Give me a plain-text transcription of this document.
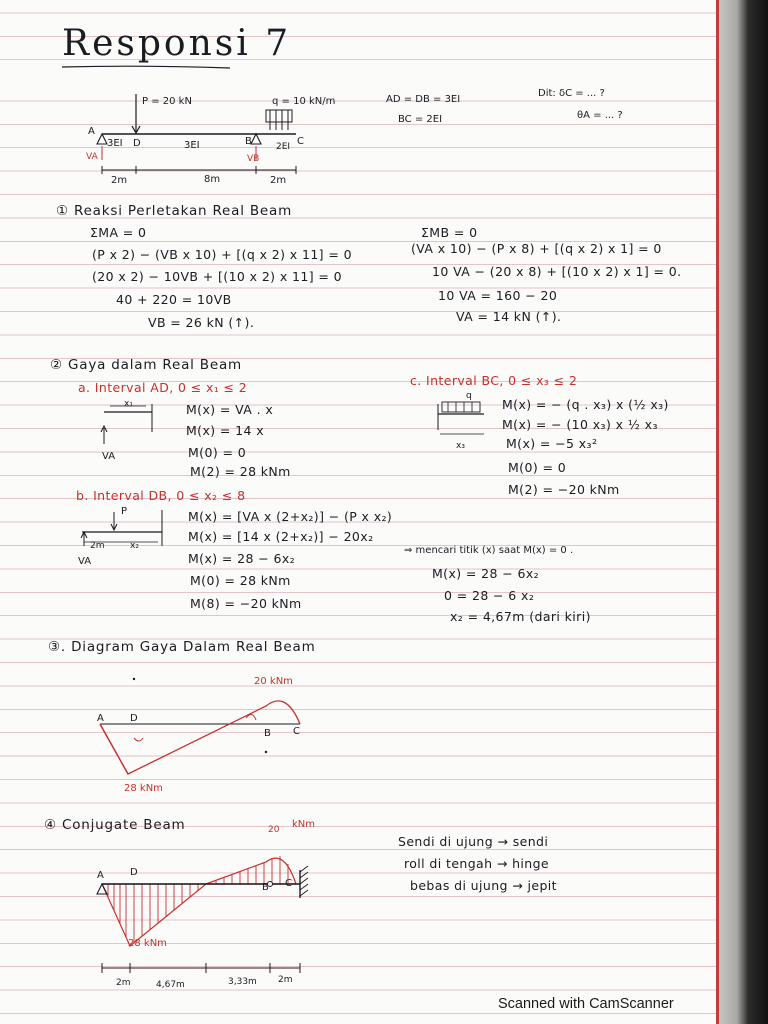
Responsi 7
P = 20 kN	q = 10 kN/m
A
3EI D	3EI	B	2EI C
VA	VB
2m	8m	2m
AD = DB = 3EI
BC = 2EI
Dit: δC = ... ?
θA = ... ?
① Reaksi Perletakan Real Beam
ΣMA = 0
(P x 2) − (VB x 10) + [(q x 2) x 11] = 0
(20 x 2) − 10VB + [(10 x 2) x 11] = 0
40 + 220 = 10VB
VB = 26 kN (↑).
ΣMB = 0
(VA x 10) − (P x 8) + [(q x 2) x 1] = 0
10 VA − (20 x 8) + [(10 x 2) x 1] = 0.
10 VA = 160 − 20
VA = 14 kN (↑).
② Gaya dalam Real Beam
a. Interval AD, 0 ≤ x₁ ≤ 2
x₁
VA
M(x) = VA . x
M(x) = 14 x
M(0) = 0
M(2) = 28 kNm
b. Interval DB, 0 ≤ x₂ ≤ 8
P
2m	x₂
VA
M(x) = [VA x (2+x₂)] − (P x x₂)
M(x) = [14 x (2+x₂)] − 20x₂
M(x) = 28 − 6x₂
M(0) = 28 kNm
M(8) = −20 kNm
c. Interval BC, 0 ≤ x₃ ≤ 2
q
x₃
M(x) = − (q . x₃) x (½ x₃)
M(x) = − (10 x₃) x ½ x₃
M(x) = −5 x₃²
M(0) = 0
M(2) = −20 kNm
⇒ mencari titik (x) saat M(x) = 0 .
M(x) = 28 − 6x₂
0 = 28 − 6 x₂
x₂ = 4,67m (dari kiri)
③. Diagram Gaya Dalam Real Beam
20 kNm
A	D
B C
28 kNm
④ Conjugate Beam	20 kNm
A	D
B C
28 kNm
2m	4,67m	3,33m 2m
Sendi di ujung → sendi
roll di tengah → hinge
bebas di ujung → jepit
Scanned with CamScanner
